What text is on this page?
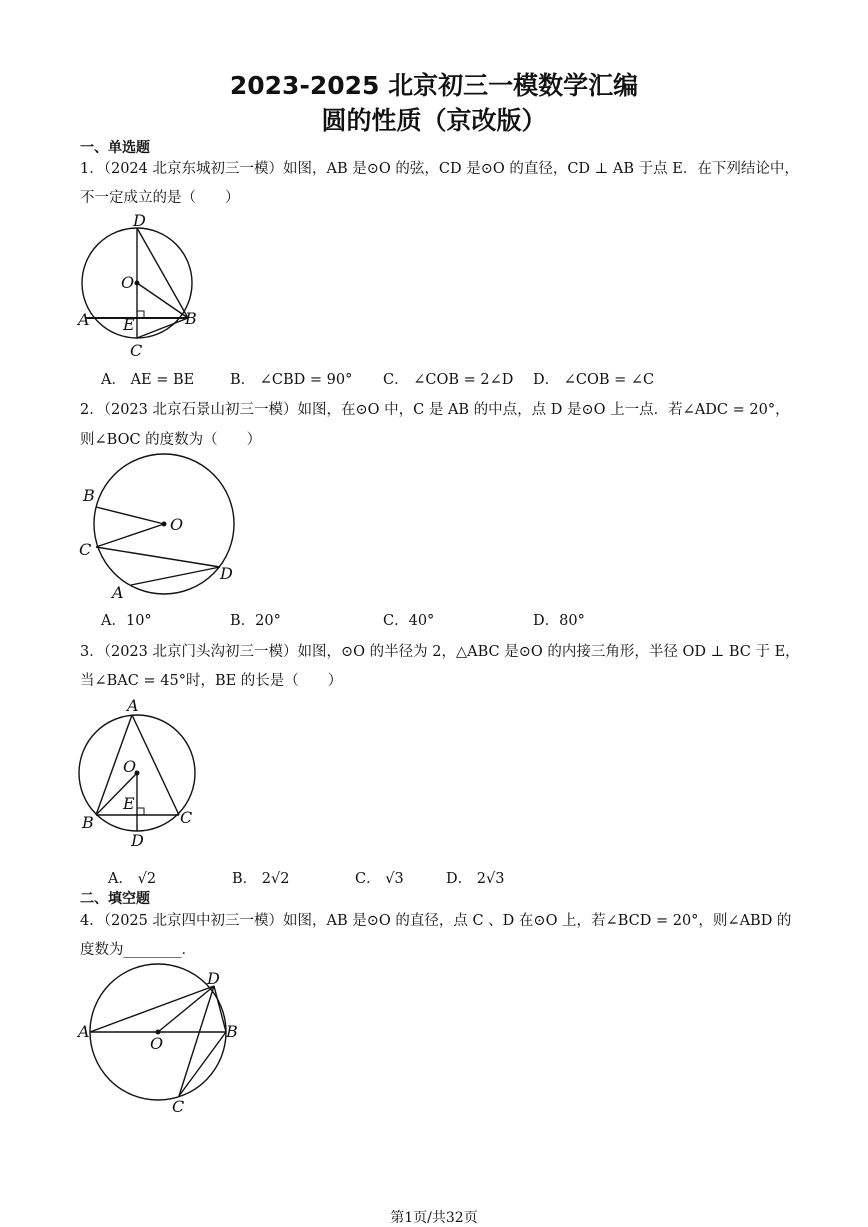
2023-2025 北京初三一模数学汇编
圆的性质（京改版）
一、单选题
1．（2024 北京东城初三一模）如图，AB 是⊙O 的弦，CD 是⊙O 的直径，CD ⊥ AB 于点 E．在下列结论中，
不一定成立的是（　　）
D
O
A E	B
C
A． AE = BE B． ∠CBD = 90° C． ∠COB = 2∠D D． ∠COB = ∠C
2．（2023 北京石景山初三一模）如图，在⊙O 中，C 是 AB 的中点，点 D 是⊙O 上一点．若∠ADC = 20°，
则∠BOC 的度数为（　　）
B
O
C
A
D
A．10°	B．20°	C．40°	D．80°
3．（2023 北京门头沟初三一模）如图，⊙O 的半径为 2，△ABC 是⊙O 的内接三角形，半径 OD ⊥ BC 于 E，
当∠BAC = 45°时，BE 的长是（　　）
A
O
E
B	C
D
A． √2	B． 2√2	C． √3	D． 2√3
二、填空题
4．（2025 北京四中初三一模）如图，AB 是⊙O 的直径，点 C 、D 在⊙O 上，若∠BCD = 20°，则∠ABD 的
度数为________．
D
A
O
B
C
第1页/共32页
